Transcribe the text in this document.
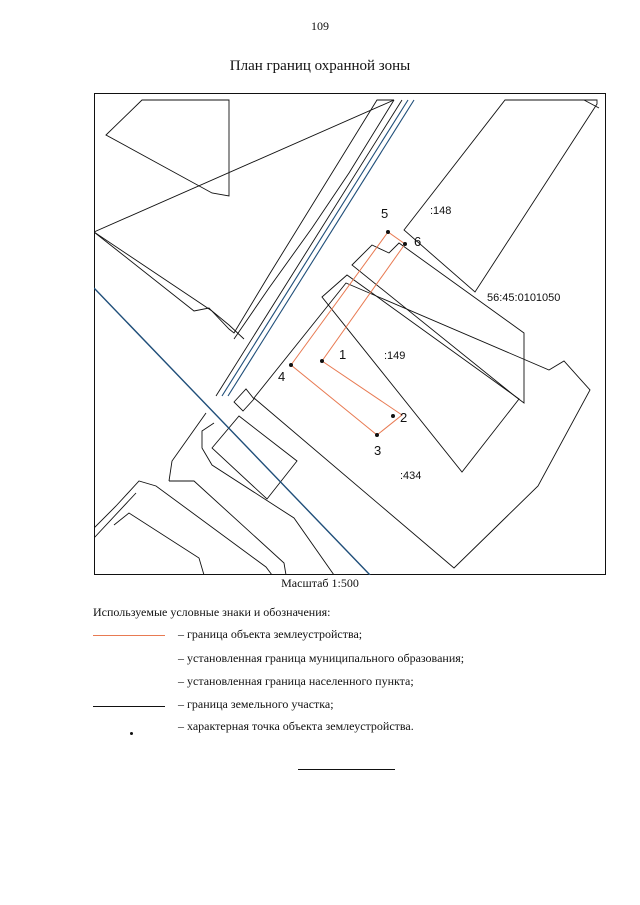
109
План границ охранной зоны
1
2
3
4
5
6
:148
:149
:434
56:45:0101050
Масштаб 1:500
Используемые условные знаки и обозначения:
– граница объекта землеустройства;
– установленная граница муниципального образования;
– установленная граница населенного пункта;
– граница земельного участка;
– характерная точка объекта землеустройства.
